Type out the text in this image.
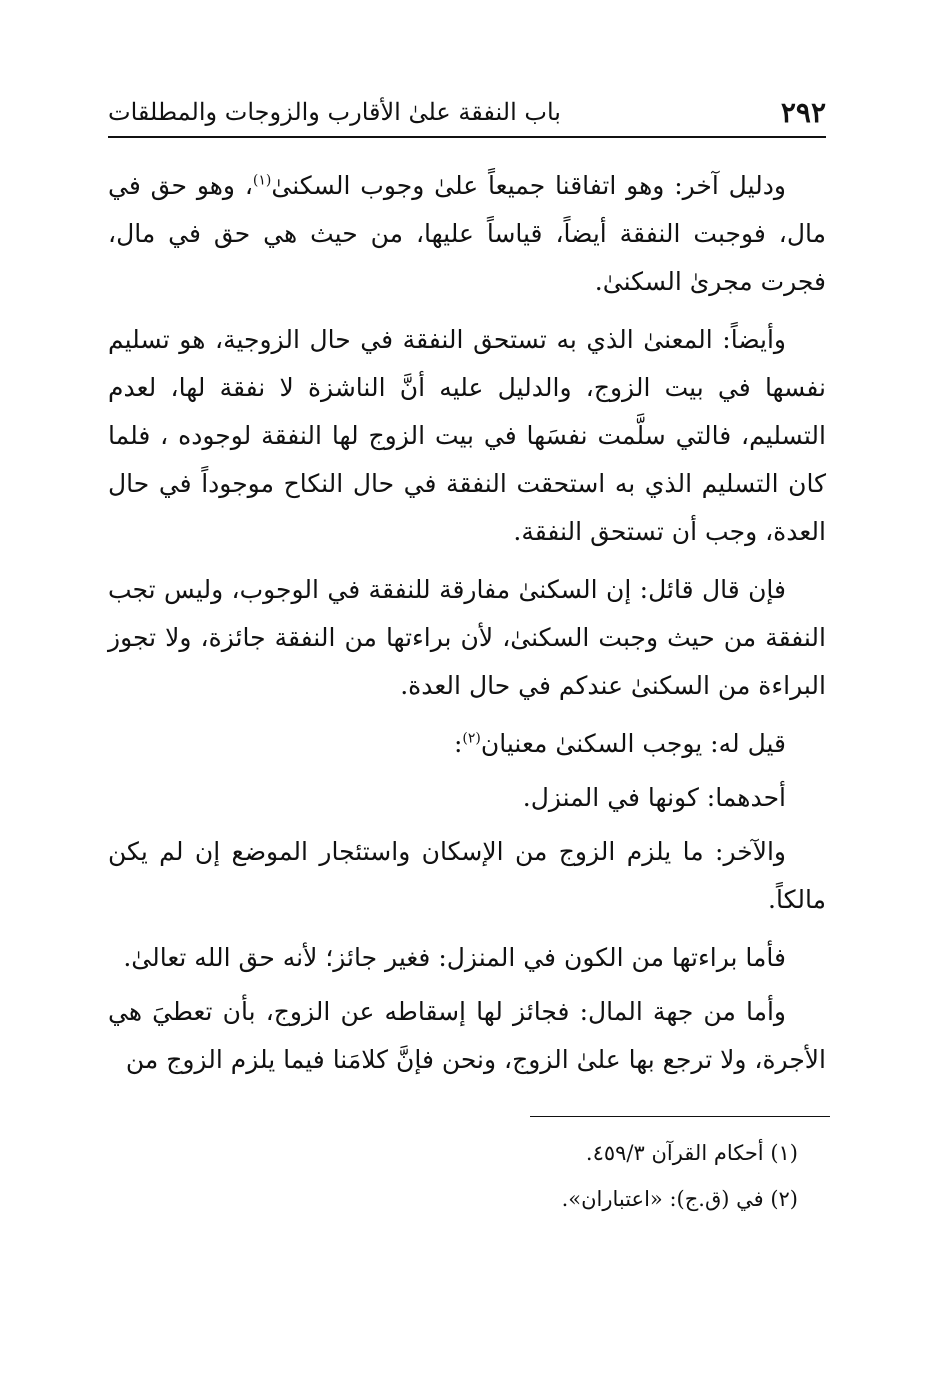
٢٩٢
باب النفقة علىٰ الأقارب والزوجات والمطلقات

ودليل آخر: وهو اتفاقنا جميعاً علىٰ وجوب السكنىٰ$^{(١)}$، وهو حق في مال، فوجبت النفقة أيضاً، قياساً عليها، من حيث هي حق في مال، فجرت مجرىٰ السكنىٰ.

وأيضاً: المعنىٰ الذي به تستحق النفقة في حال الزوجية، هو تسليم نفسها في بيت الزوج، والدليل عليه أنَّ الناشزة لا نفقة لها، لعدم التسليم، فالتي سلَّمت نفسَها في بيت الزوج لها النفقة لوجوده ، فلما كان التسليم الذي به استحقت النفقة في حال النكاح موجوداً في حال العدة، وجب أن تستحق النفقة.

فإن قال قائل: إن السكنىٰ مفارقة للنفقة في الوجوب، وليس تجب النفقة من حيث وجبت السكنىٰ، لأن براءتها من النفقة جائزة، ولا تجوز البراءة من السكنىٰ عندكم في حال العدة.

قيل له: يوجب السكنىٰ معنيان$^{(٢)}$:

أحدهما: كونها في المنزل.

والآخر: ما يلزم الزوج من الإسكان واستئجار الموضع إن لم يكن مالكاً.

فأما براءتها من الكون في المنزل: فغير جائز؛ لأنه حق الله تعالىٰ.

وأما من جهة المال: فجائز لها إسقاطه عن الزوج، بأن تعطيَ هي الأجرة، ولا ترجع بها علىٰ الزوج، ونحن فإنَّ كلامَنا فيما يلزم الزوج من

(١) أحكام القرآن ٤٥٩/٣.

(٢) في (ق.ج): «اعتباران».
